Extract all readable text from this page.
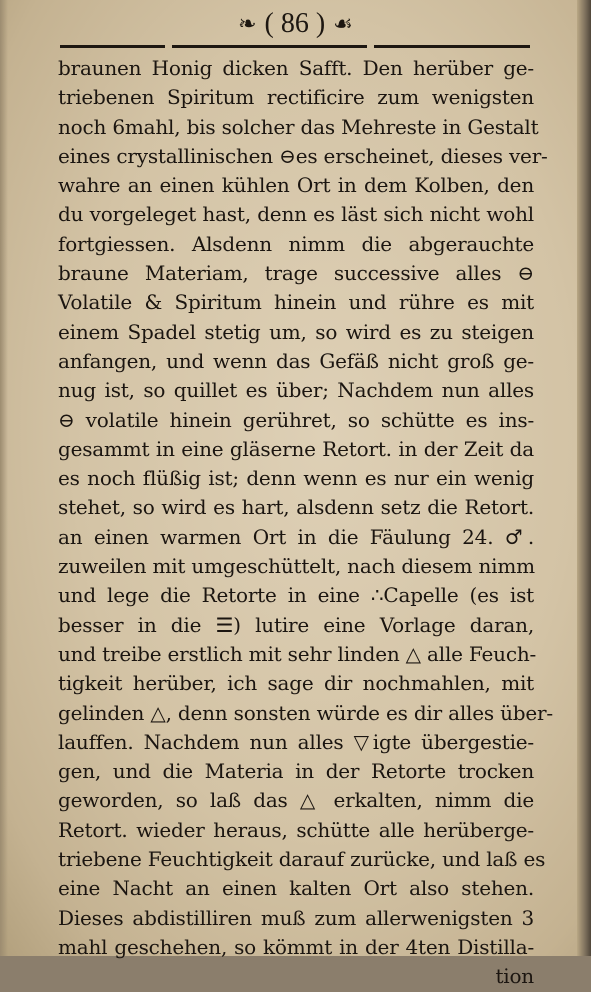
❧ ( 86 ) ☙
braunen Honig dicken Safft. Den herüber ge-
triebenen Spiritum rectificire zum wenigsten
noch 6mahl, bis solcher das Mehreste in Gestalt
eines crystallinischen ⊖es erscheinet, dieses ver-
wahre an einen kühlen Ort in dem Kolben, den
du vorgeleget hast, denn es läst sich nicht wohl
fortgiessen. Alsdenn nimm die abgerauchte
braune Materiam, trage successive alles ⊖
Volatile & Spiritum hinein und rühre es mit
einem Spadel stetig um, so wird es zu steigen
anfangen, und wenn das Gefäß nicht groß ge-
nug ist, so quillet es über; Nachdem nun alles
⊖ volatile hinein gerühret, so schütte es ins-
gesammt in eine gläserne Retort. in der Zeit da
es noch flüßig ist; denn wenn es nur ein wenig
stehet, so wird es hart, alsdenn setz die Retort.
an einen warmen Ort in die Fäulung 24. ♂.
zuweilen mit umgeschüttelt, nach diesem nimm
und lege die Retorte in eine ∴Capelle (es ist
besser in die ☰) lutire eine Vorlage daran,
und treibe erstlich mit sehr linden △ alle Feuch-
tigkeit herüber, ich sage dir nochmahlen, mit
gelinden △, denn sonsten würde es dir alles über-
lauffen. Nachdem nun alles ▽igte übergestie-
gen, und die Materia in der Retorte trocken
geworden, so laß das △ erkalten, nimm die
Retort. wieder heraus, schütte alle herüberge-
triebene Feuchtigkeit darauf zurücke, und laß es
eine Nacht an einen kalten Ort also stehen.
Dieses abdistilliren muß zum allerwenigsten 3
mahl geschehen, so kömmt in der 4ten Distilla-
tion
